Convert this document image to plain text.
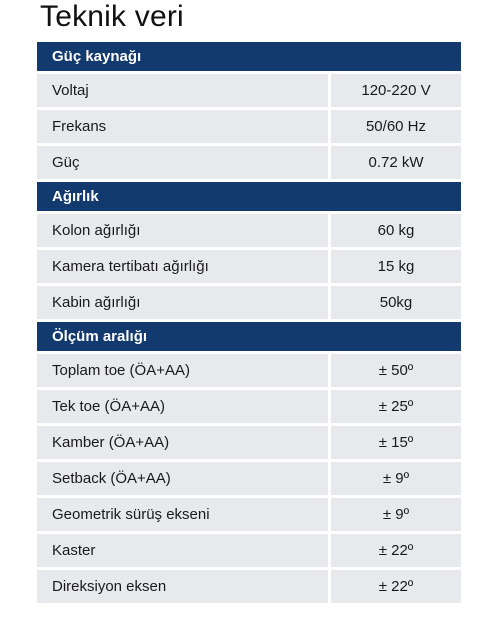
Teknik veri
Güç kaynağı
Voltaj	120-220 V
Frekans	50/60 Hz
Güç	0.72 kW
Ağırlık
Kolon ağırlığı	60 kg
Kamera tertibatı ağırlığı	15 kg
Kabin ağırlığı	50kg
Ölçüm aralığı
Toplam toe (ÖA+AA)	± 50º
Tek toe (ÖA+AA)	± 25º
Kamber (ÖA+AA)	± 15º
Setback (ÖA+AA)	± 9º
Geometrik sürüş ekseni	± 9º
Kaster	± 22º
Direksiyon eksen	± 22º
